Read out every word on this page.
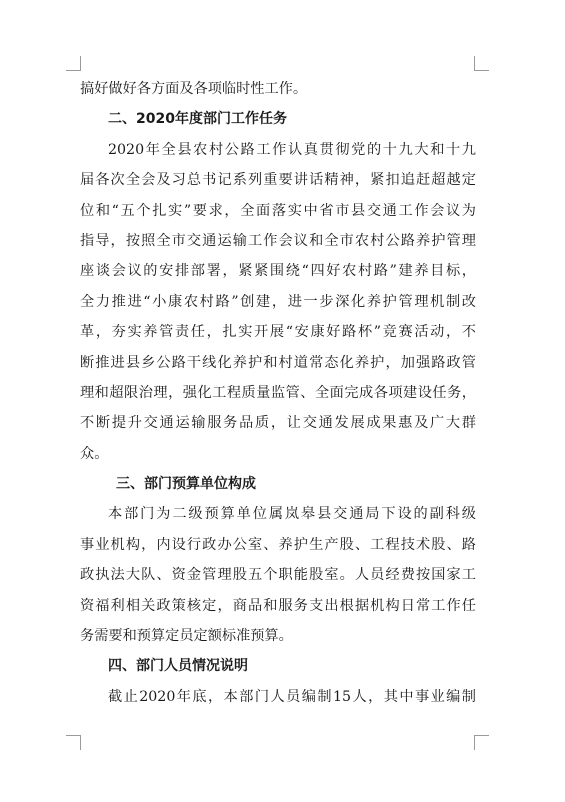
搞好做好各方面及各项临时性工作。
二、2020年度部门工作任务
2020年全县农村公路工作认真贯彻党的十九大和十九
届各次全会及习总书记系列重要讲话精神，紧扣追赶超越定
位和“五个扎实”要求，全面落实中省市县交通工作会议为
指导，按照全市交通运输工作会议和全市农村公路养护管理
座谈会议的安排部署，紧紧围绕“四好农村路”建养目标，
全力推进“小康农村路”创建，进一步深化养护管理机制改
革，夯实养管责任，扎实开展“安康好路杯”竞赛活动，不
断推进县乡公路干线化养护和村道常态化养护，加强路政管
理和超限治理，强化工程质量监管、全面完成各项建设任务，
不断提升交通运输服务品质，让交通发展成果惠及广大群
众。
三、部门预算单位构成
本部门为二级预算单位属岚皋县交通局下设的副科级
事业机构，内设行政办公室、养护生产股、工程技术股、路
政执法大队、资金管理股五个职能股室。人员经费按国家工
资福利相关政策核定，商品和服务支出根据机构日常工作任
务需要和预算定员定额标准预算。
四、部门人员情况说明
截止2020年底，本部门人员编制15人，其中事业编制
